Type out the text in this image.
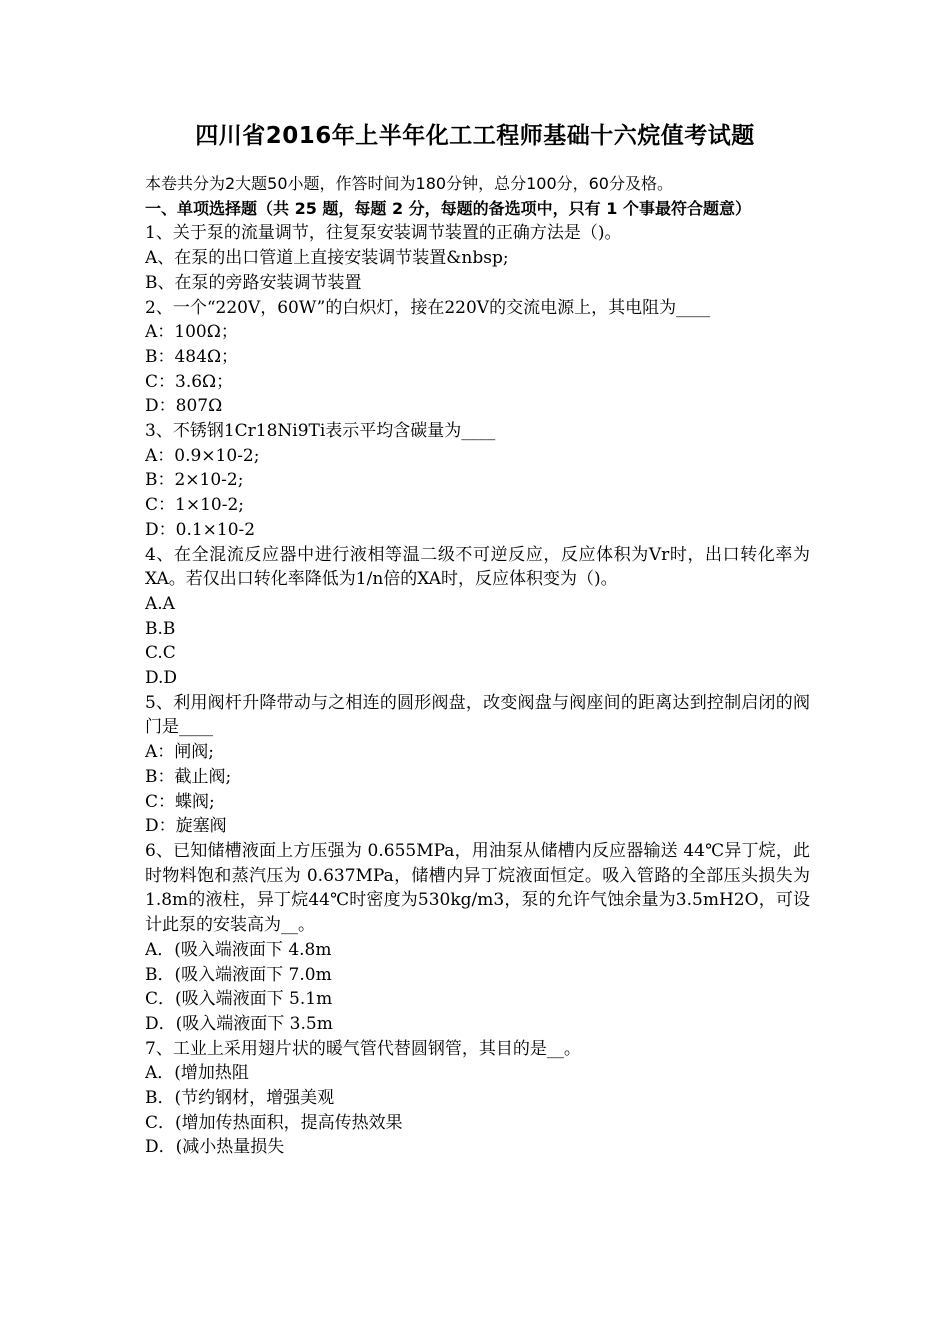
四川省2016年上半年化工工程师基础十六烷值考试题
本卷共分为2大题50小题，作答时间为180分钟，总分100分，60分及格。
一、单项选择题（共 25 题，每题 2 分，每题的备选项中，只有 1 个事最符合题意）
1、关于泵的流量调节，往复泵安装调节装置的正确方法是（)。
A、在泵的出口管道上直接安装调节装置&nbsp;
B、在泵的旁路安装调节装置
2、一个“220V，60W”的白炽灯，接在220V的交流电源上，其电阻为____
A：100Ω；
B：484Ω；
C：3.6Ω；
D：807Ω
3、不锈钢1Cr18Ni9Ti表示平均含碳量为____
A：0.9×10-2;
B：2×10-2;
C：1×10-2;
D：0.1×10-2
4、在全混流反应器中进行液相等温二级不可逆反应，反应体积为Vr时，出口转化率为XA。若仅出口转化率降低为1/n倍的XA时，反应体积变为（)。
A.A
B.B
C.C
D.D
5、利用阀杆升降带动与之相连的圆形阀盘，改变阀盘与阀座间的距离达到控制启闭的阀门是____
A：闸阀;
B：截止阀;
C：蝶阀;
D：旋塞阀
6、已知储槽液面上方压强为 0.655MPa，用油泵从储槽内反应器输送 44℃异丁烷，此时物料饱和蒸汽压为 0.637MPa，储槽内异丁烷液面恒定。吸入管路的全部压头损失为1.8m的液柱，异丁烷44℃时密度为530kg/m3，泵的允许气蚀余量为3.5mH2O，可设计此泵的安装高为__。
A．(吸入端液面下 4.8m
B．(吸入端液面下 7.0m
C．(吸入端液面下 5.1m
D．(吸入端液面下 3.5m
7、工业上采用翅片状的暖气管代替圆钢管，其目的是__。
A．(增加热阻
B．(节约钢材，增强美观
C．(增加传热面积，提高传热效果
D．(减小热量损失
